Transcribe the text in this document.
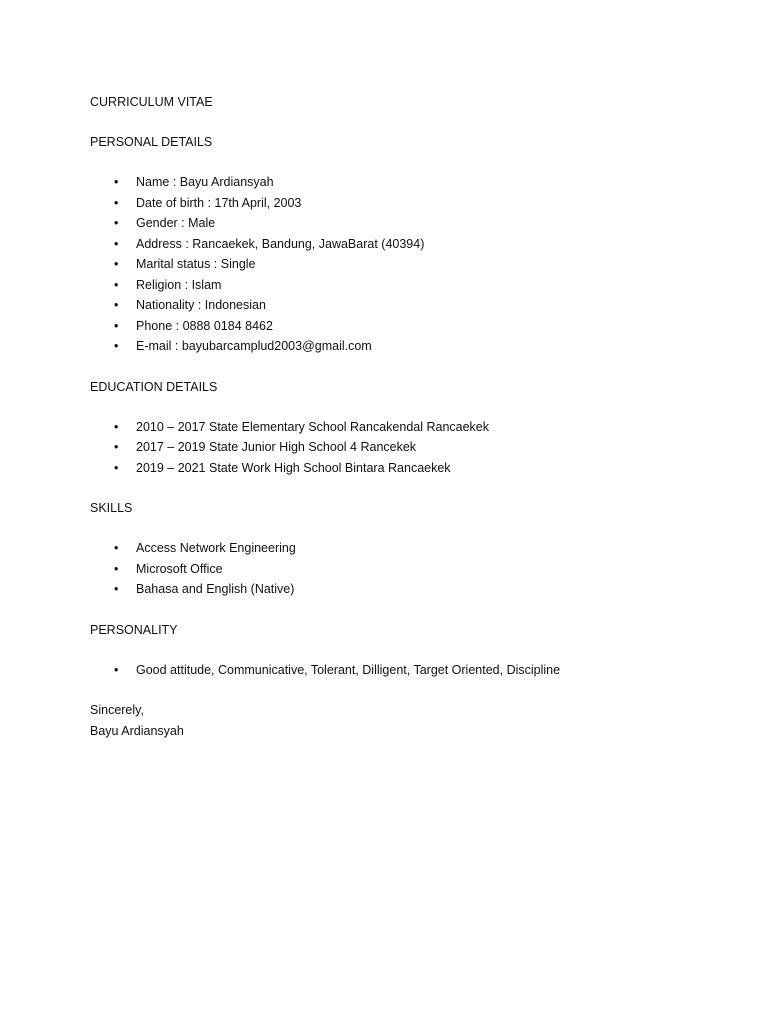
CURRICULUM VITAE
PERSONAL DETAILS
• Name : Bayu Ardiansyah
• Date of birth : 17th April, 2003
• Gender : Male
• Address : Rancaekek, Bandung, JawaBarat (40394)
• Marital status : Single
• Religion : Islam
• Nationality : Indonesian
• Phone : 0888 0184 8462
• E-mail : bayubarcamplud2003@gmail.com
EDUCATION DETAILS
• 2010 – 2017 State Elementary School Rancakendal Rancaekek
• 2017 – 2019 State Junior High School 4 Rancekek
• 2019 – 2021 State Work High School Bintara Rancaekek
SKILLS
• Access Network Engineering
• Microsoft Office
• Bahasa and English (Native)
PERSONALITY
• Good attitude, Communicative, Tolerant, Dilligent, Target Oriented, Discipline
Sincerely,
Bayu Ardiansyah
